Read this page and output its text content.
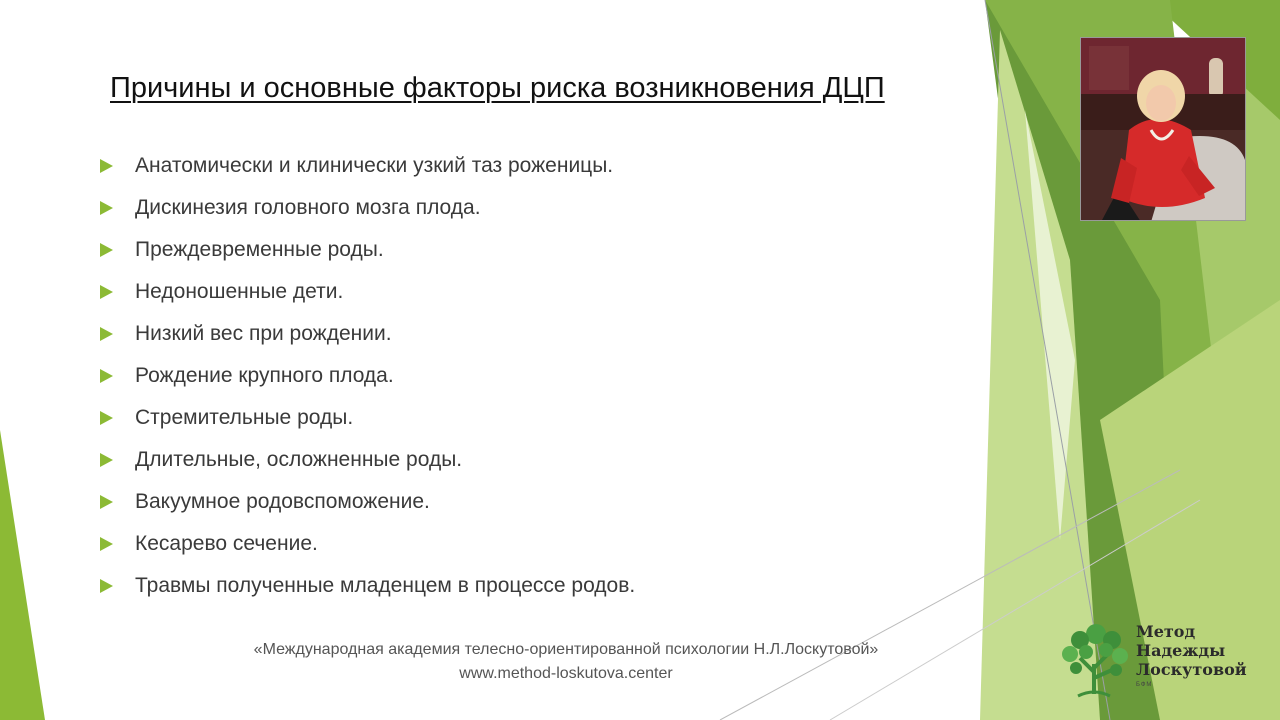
Причины и основные факторы риска возникновения ДЦП
Анатомически и клинически узкий таз роженицы.
Дискинезия головного мозга плода.
Преждевременные роды.
Недоношенные дети.
Низкий вес при рождении.
Рождение крупного плода.
Стремительные роды.
Длительные, осложненные роды.
Вакуумное родовспоможение.
Кесарево сечение.
Травмы полученные младенцем в процессе родов.
«Международная академия телесно-ориентированной психологии Н.Л.Лоскутовой»
www.method-loskutova.center
Метод
Надежды
Лоскутовой
БФМ
